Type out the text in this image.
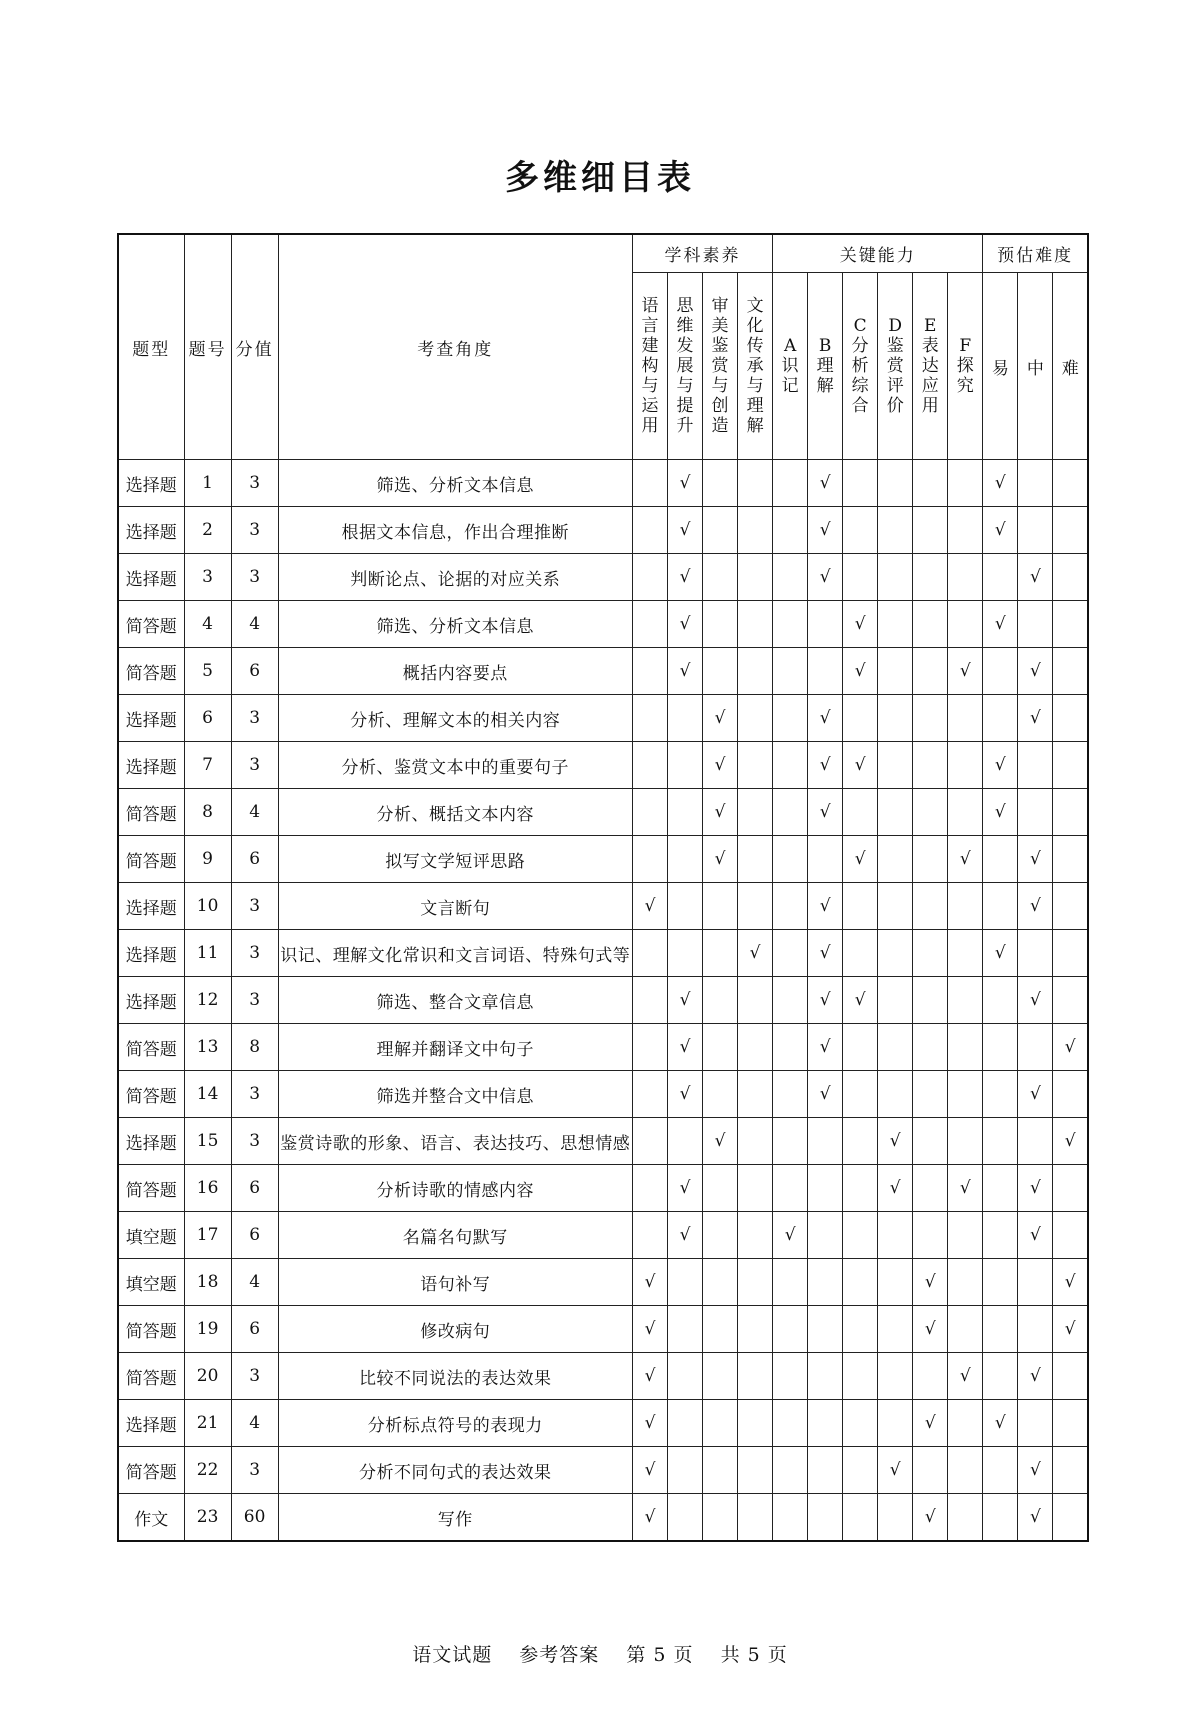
多维细目表
题型	题号	分值	考查角度	学科素养				关键能力						预估难度		
				语言建构与运用	思维发展与提升	审美鉴赏与创造	文化传承与理解	A识记	B理解	C分析综合	D鉴赏评价	E表达应用	F探究	易	中	难
选择题	1	3	筛选、分析文本信息		√				√					√		
选择题	2	3	根据文本信息，作出合理推断		√				√					√		
选择题	3	3	判断论点、论据的对应关系		√				√						√	
简答题	4	4	筛选、分析文本信息		√					√				√		
简答题	5	6	概括内容要点		√					√			√		√	
选择题	6	3	分析、理解文本的相关内容			√			√						√	
选择题	7	3	分析、鉴赏文本中的重要句子			√			√	√				√		
简答题	8	4	分析、概括文本内容			√			√					√		
简答题	9	6	拟写文学短评思路			√				√			√		√	
选择题	10	3	文言断句	√					√						√	
选择题	11	3	识记、理解文化常识和文言词语、特殊句式等				√		√					√		
选择题	12	3	筛选、整合文章信息		√				√	√					√	
简答题	13	8	理解并翻译文中句子		√				√							√
简答题	14	3	筛选并整合文中信息		√				√						√	
选择题	15	3	鉴赏诗歌的形象、语言、表达技巧、思想情感			√					√					√
简答题	16	6	分析诗歌的情感内容		√						√		√		√	
填空题	17	6	名篇名句默写		√			√							√	
填空题	18	4	语句补写	√								√				√
简答题	19	6	修改病句	√								√				√
简答题	20	3	比较不同说法的表达效果	√									√		√	
选择题	21	4	分析标点符号的表现力	√								√		√		
简答题	22	3	分析不同句式的表达效果	√							√				√	
作文	23	60	写作	√								√			√	
语文试题 参考答案 第 5 页 共 5 页
